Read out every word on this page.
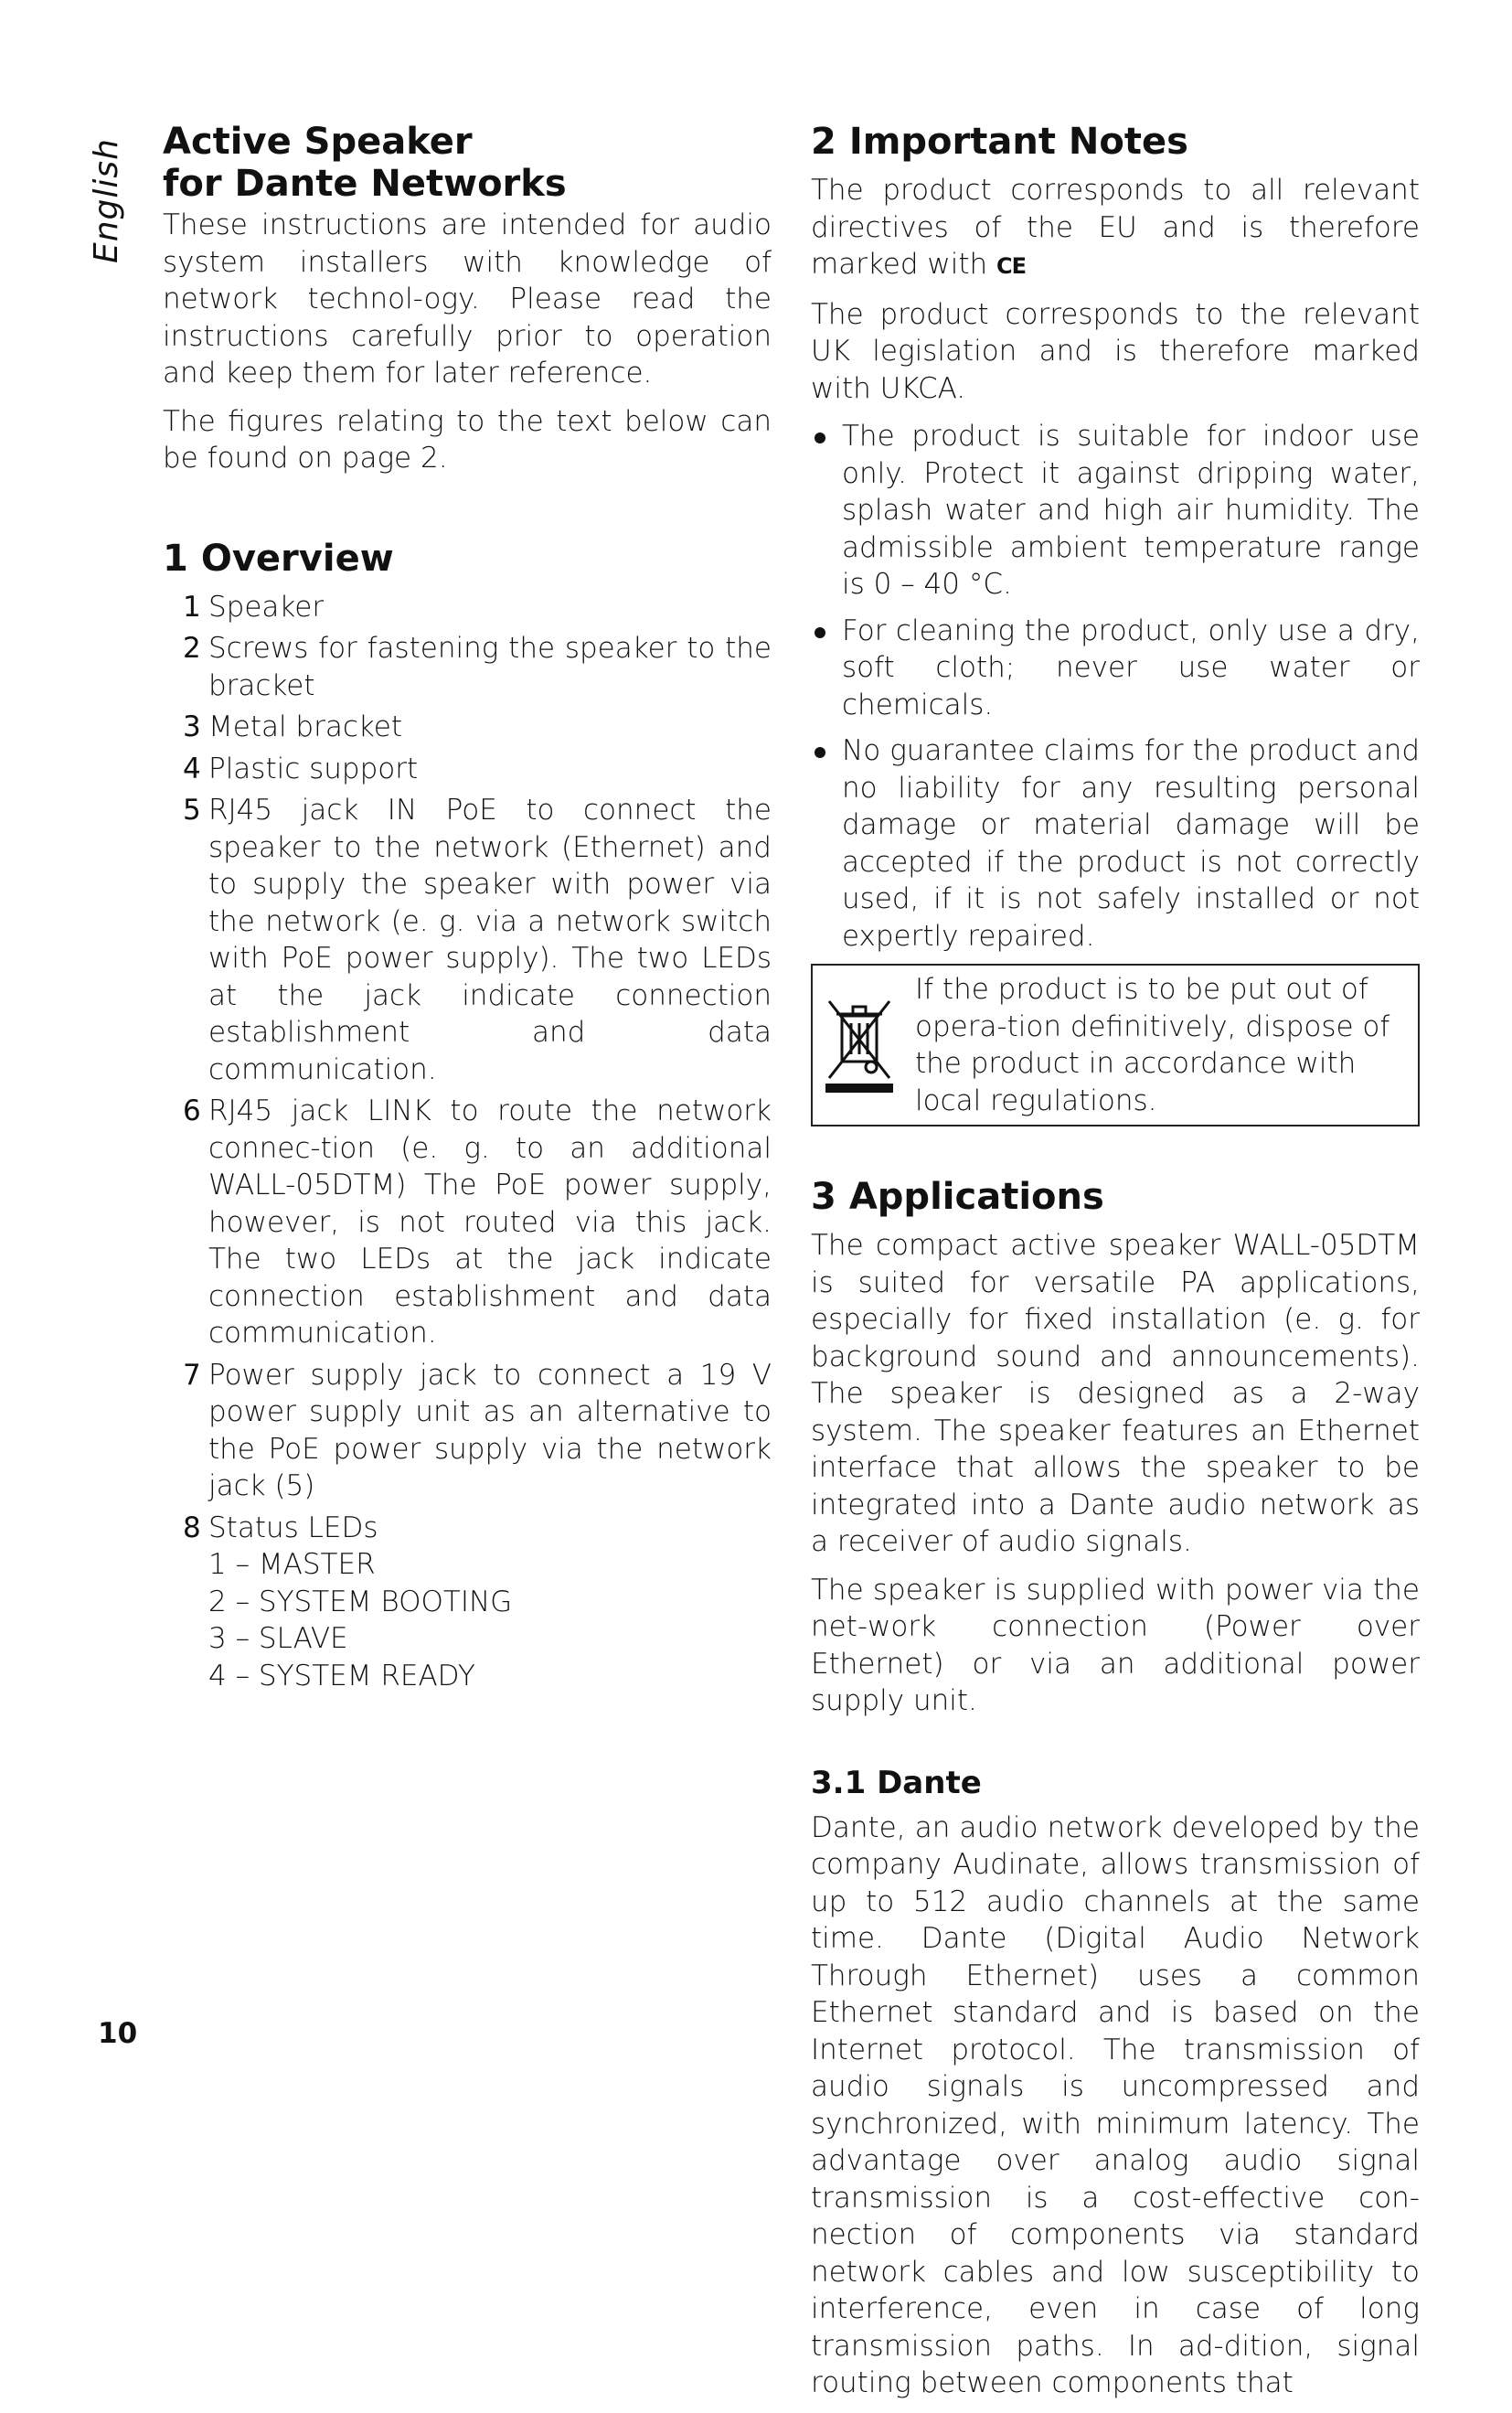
English Active Speaker
for Dante Networks

These instructions are intended for audio system installers with knowledge of network technol-ogy. Please read the instructions carefully prior to operation and keep them for later reference.

The figures relating to the text below can be found on page 2.

1 Overview
1 Speaker
2 Screws for fastening the speaker to the bracket
3 Metal bracket
4 Plastic support
5 RJ45 jack IN PoE to connect the speaker to the network (Ethernet) and to supply the speaker with power via the network (e. g. via a network switch with PoE power supply). The two LEDs at the jack indicate connection establishment and data communication.
6 RJ45 jack LINK to route the network connec-tion (e. g. to an additional WALL-05DTM) The PoE power supply, however, is not routed via this jack. The two LEDs at the jack indicate connection establishment and data communication.
7 Power supply jack to connect a 19 V power supply unit as an alternative to the PoE power supply via the network jack (5)
8 Status LEDs
1 – MASTER
2 – SYSTEM BOOTING
3 – SLAVE
4 – SYSTEM READY
2 Important Notes

The product corresponds to all relevant directives of the EU and is therefore marked with CE

The product corresponds to the relevant UK legislation and is therefore marked with UKCA.

The product is suitable for indoor use only. Protect it against dripping water, splash water and high air humidity. The admissible ambient temperature range is 0 – 40 °C.
For cleaning the product, only use a dry, soft cloth; never use water or chemicals.
No guarantee claims for the product and no liability for any resulting personal damage or material damage will be accepted if the product is not correctly used, if it is not safely installed or not expertly repaired.
If the product is to be put out of opera-tion definitively, dispose of the product in accordance with local regulations.
3 Applications

The compact active speaker WALL-05DTM is suited for versatile PA applications, especially for fixed installation (e. g. for background sound and announcements). The speaker is designed as a 2-way system. The speaker features an Ethernet interface that allows the speaker to be integrated into a Dante audio network as a receiver of audio signals.

The speaker is supplied with power via the net-work connection (Power over Ethernet) or via an additional power supply unit.

3.1 Dante

Dante, an audio network developed by the company Audinate, allows transmission of up to 512 audio channels at the same time. Dante (Digital Audio Network Through Ethernet) uses a common Ethernet standard and is based on the Internet protocol. The transmission of audio signals is uncompressed and synchronized, with minimum latency. The advantage over analog audio signal transmission is a cost-effective con-nection of components via standard network cables and low susceptibility to interference, even in case of long transmission paths. In ad-dition, signal routing between components that

10
